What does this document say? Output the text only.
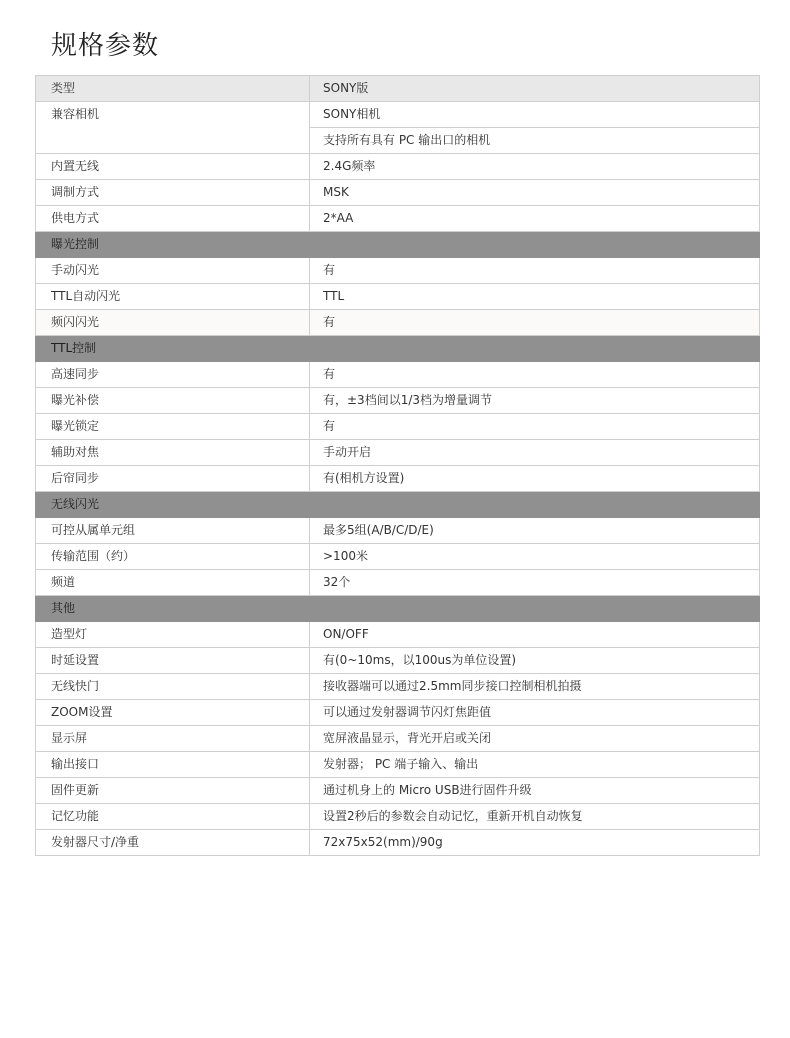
规格参数
类型	SONY版
兼容相机	SONY相机
	支持所有具有 PC 输出口的相机
内置无线	2.4G频率
调制方式	MSK
供电方式	2*AA
曝光控制	
手动闪光	有
TTL自动闪光	TTL
频闪闪光	有
TTL控制	
高速同步	有
曝光补偿	有，±3档间以1/3档为增量调节
曝光锁定	有
辅助对焦	手动开启
后帘同步	有(相机方设置)
无线闪光	
可控从属单元组	最多5组(A/B/C/D/E)
传输范围（约）	>100米
频道	32个
其他	
造型灯	ON/OFF
时延设置	有(0~10ms，以100us为单位设置)
无线快门	接收器端可以通过2.5mm同步接口控制相机拍摄
ZOOM设置	可以通过发射器调节闪灯焦距值
显示屏	宽屏液晶显示，背光开启或关闭
输出接口	发射器； PC 端子输入、输出
固件更新	通过机身上的 Micro USB进行固件升级
记忆功能	设置2秒后的参数会自动记忆，重新开机自动恢复
发射器尺寸/净重	72x75x52(mm)/90g
